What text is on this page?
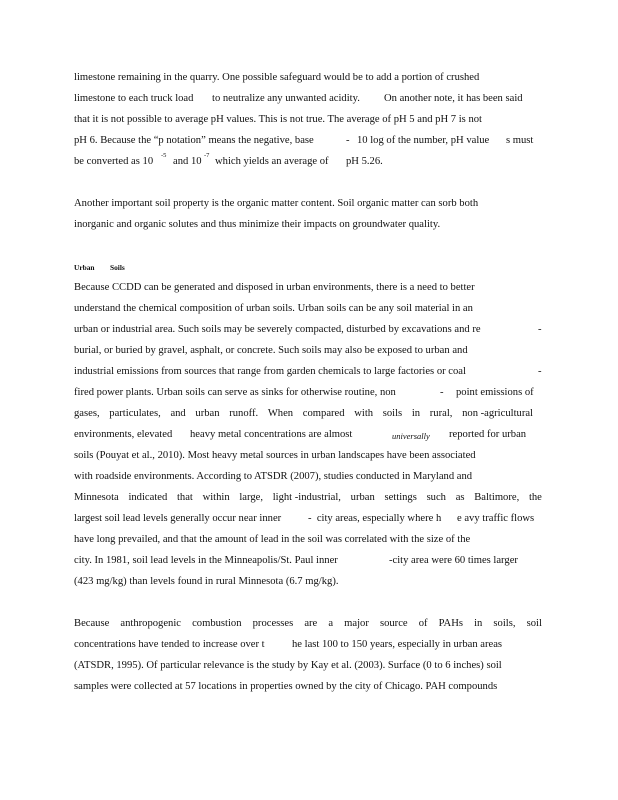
limestone remaining in the quarry. One possible safeguard would be to add a portion of crushed
limestone to each truck load to neutralize any unwanted acidity. On another note, it has been said
that it is not possible to average pH values. This is not true. The average of pH 5 and pH 7 is not
pH 6. Because the “p notation” means the negative, base	- 10 log of the number, pH value s must
be converted as 10
-5
and 10
-7
which yields an average of pH 5.26.
Another important soil property is the organic matter content. Soil organic matter can sorb both
inorganic and organic solutes and thus minimize their impacts on groundwater quality.
Urban Soils
Because CCDD can be generated and disposed in urban environments, there is a need to better
understand the chemical composition of urban soils. Urban soils can be any soil material in an
urban or industrial area. Such soils may be severely compacted, disturbed by excavations and re	-
burial, or buried by gravel, asphalt, or concrete. Such soils may also be exposed to urban and
industrial emissions from sources that range from garden chemicals to large factories or coal	-
fired power plants. Urban soils can serve as sinks for otherwise routine, non	- point emissions of
gases, particulates, and urban runoff. When compared with soils in rural, non -agricultural
environments, elevated heavy metal concentrations are almost	universally reported for urban
soils (Pouyat et al., 2010). Most heavy metal sources in urban landscapes have been associated
with roadside environments. According to ATSDR (2007), studies conducted in Maryland and
Minnesota indicated that within large, light -industrial, urban settings such as Baltimore, the
largest soil lead levels generally occur near inner	-  city areas, especially where h e avy traffic flows
have long prevailed, and that the amount of lead in the soil was correlated with the size of the
city. In 1981, soil lead levels in the Minneapolis/St. Paul inner	-city area were 60 times larger
(423 mg/kg) than levels found in rural Minnesota (6.7 mg/kg).
Because anthropogenic combustion processes are a major source of PAHs in soils, soil
concentrations have tended to increase over t	he last 100 to 150 years, especially in urban areas
(ATSDR, 1995). Of particular relevance is the study by Kay et al. (2003). Surface (0 to 6 inches) soil
samples were collected at 57 locations in properties owned by the city of Chicago. PAH compounds
